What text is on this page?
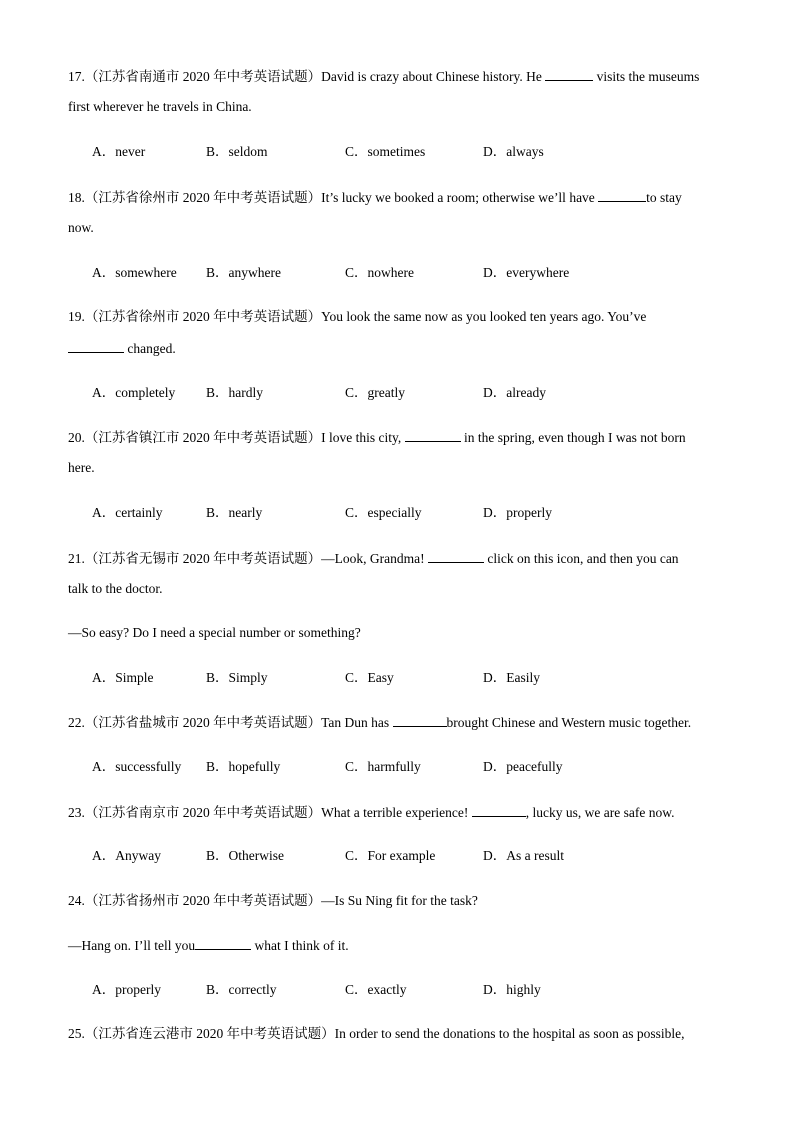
17.（江苏省南通市 2020 年中考英语试题）David is crazy about Chinese history. He	visits the museums
first wherever he travels in China.
A．never	B．seldom	C．sometimes	D．always
18.（江苏省徐州市 2020 年中考英语试题）It’s lucky we booked a room; otherwise we’ll have	to stay
now.
A．somewhere B．anywhere	C．nowhere	D．everywhere
19.（江苏省徐州市 2020 年中考英语试题）You look the same now as you looked ten years ago. You’ve
changed.
A．completely B．hardly	C．greatly	D．already
20.（江苏省镇江市 2020 年中考英语试题）I love this city,	in the spring, even though I was not born
here.
A．certainly	B．nearly	C．especially	D．properly
21.（江苏省无锡市 2020 年中考英语试题）—Look, Grandma!	click on this icon, and then you can
talk to the doctor.
—So easy? Do I need a special number or something?
A．Simple	B．Simply	C．Easy	D．Easily
22.（江苏省盐城市 2020 年中考英语试题）Tan Dun has	brought Chinese and Western music together.
A．successfully B．hopefully	C．harmfully	D．peacefully
23.（江苏省南京市 2020 年中考英语试题）What a terrible experience!	, lucky us, we are safe now.
A．Anyway	B．Otherwise	C．For example	D．As a result
24.（江苏省扬州市 2020 年中考英语试题）—Is Su Ning fit for the task?
—Hang on. I’ll tell you	what I think of it.
A．properly	B．correctly	C．exactly	D．highly
25.（江苏省连云港市 2020 年中考英语试题）In order to send the donations to the hospital as soon as possible,
